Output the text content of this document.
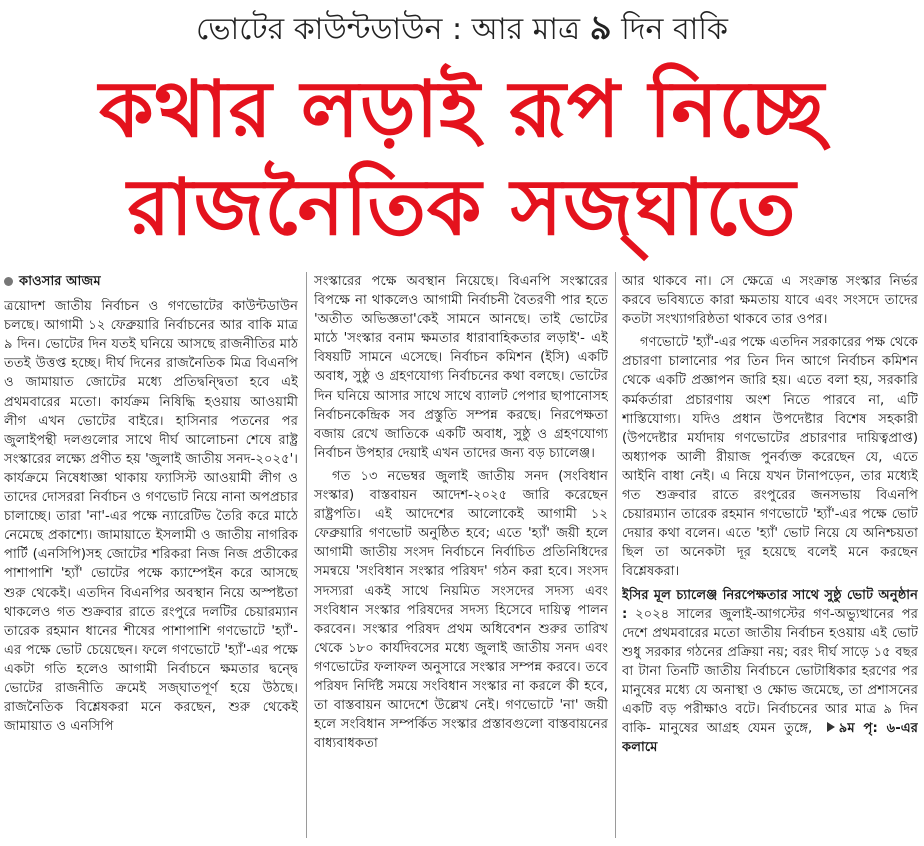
ভোটের কাউন্টডাউন : আর মাত্র ৯ দিন বাকি
কথার লড়াই রূপ নিচ্ছে
রাজনৈতিক সজ্ঘাতে
কাওসার আজম

ত্রয়োদশ জাতীয় নির্বাচন ও গণভোটের কাউন্টডাউন চলছে। আগামী ১২ ফেব্রুয়ারি নির্বাচনের আর বাকি মাত্র ৯ দিন। ভোটের দিন যতই ঘনিয়ে আসছে রাজনীতির মাঠ ততই উত্তপ্ত হচ্ছে। দীর্ঘ দিনের রাজনৈতিক মিত্র বিএনপি ও জামায়াত জোটের মধ্যে প্রতিদ্বন্দ্বিতা হবে এই প্রথমবারের মতো। কার্যক্রম নিষিদ্ধি হওয়ায় আওয়ামী লীগ এখন ভোটের বাইরে। হাসিনার পতনের পর জুলাইপন্থী দলগুলোর সাথে দীর্ঘ আলোচনা শেষে রাষ্ট্র সংস্কারের লক্ষ্যে প্রণীত হয় 'জুলাই জাতীয় সনদ-২০২৫'। কার্যক্রমে নিষেধাজ্ঞা থাকায় ফ্যাসিস্ট আওয়ামী লীগ ও তাদের দোসররা নির্বাচন ও গণভোট নিয়ে নানা অপপ্রচার চালাচ্ছে। তারা 'না'-এর পক্ষে ন্যারেটিভ তৈরি করে মাঠে নেমেছে প্রকাশ্যে। জামায়াতে ইসলামী ও জাতীয় নাগরিক পার্টি (এনসিপি)সহ জোটের শরিকরা নিজ নিজ প্রতীকের পাশাপাশি 'হ্যাঁ' ভোটের পক্ষে ক্যাম্পেইন করে আসছে শুরু থেকেই। এতদিন বিএনপির অবস্থান নিয়ে অস্পষ্টতা থাকলেও গত শুক্রবার রাতে রংপুরে দলটির চেয়ারম্যান তারেক রহমান ধানের শীষের পাশাপাশি গণভোটে 'হ্যাঁ'-এর পক্ষে ভোট চেয়েছেন। ফলে গণভোটে 'হ্যাঁ'-এর পক্ষে একটা গতি হলেও আগামী নির্বাচনে ক্ষমতার দ্বন্দ্বে ভোটের রাজনীতি ক্রমেই সজ্ঘাতপূর্ণ হয়ে উঠছে। রাজনৈতিক বিশ্লেষকরা মনে করছেন, শুরু থেকেই জামায়াত ও এনসিপি

সংস্কারের পক্ষে অবস্থান নিয়েছে। বিএনপি সংস্কারের বিপক্ষে না থাকলেও আগামী নির্বাচনী বৈতরণী পার হতে 'অতীত অভিজ্ঞতা'কেই সামনে আনছে। তাই ভোটের মাঠে 'সংস্কার বনাম ক্ষমতার ধারাবাহিকতার লড়াই'- এই বিষয়টি সামনে এসেছে। নির্বাচন কমিশন (ইসি) একটি অবাধ, সুষ্ঠু ও গ্রহণযোগ্য নির্বাচনের কথা বলছে। ভোটের দিন ঘনিয়ে আসার সাথে সাথে ব্যালট পেপার ছাপানোসহ নির্বাচনকেন্দ্রিক সব প্রস্তুতি সম্পন্ন করছে। নিরপেক্ষতা বজায় রেখে জাতিকে একটি অবাধ, সুষ্ঠু ও গ্রহণযোগ্য নির্বাচন উপহার দেয়াই এখন তাদের জন্য বড় চ্যালেঞ্জ।

গত ১৩ নভেম্বর জুলাই জাতীয় সনদ (সংবিধান সংস্কার) বাস্তবায়ন আদেশ-২০২৫ জারি করেছেন রাষ্ট্রপতি। এই আদেশের আলোকেই আগামী ১২ ফেব্রুয়ারি গণভোট অনুষ্ঠিত হবে; এতে 'হ্যাঁ' জয়ী হলে আগামী জাতীয় সংসদ নির্বাচনে নির্বাচিত প্রতিনিধিদের সমন্বয়ে 'সংবিধান সংস্কার পরিষদ' গঠন করা হবে। সংসদ সদস্যরা একই সাথে নিয়মিত সংসদের সদস্য এবং সংবিধান সংস্কার পরিষদের সদস্য হিসেবে দায়িত্ব পালন করবেন। সংস্কার পরিষদ প্রথম অধিবেশন শুরুর তারিখ থেকে ১৮০ কার্যদিবসের মধ্যে জুলাই জাতীয় সনদ এবং গণভোটের ফলাফল অনুসারে সংস্কার সম্পন্ন করবে। তবে পরিষদ নির্দিষ্ট সময়ে সংবিধান সংস্কার না করলে কী হবে, তা বাস্তবায়ন আদেশে উল্লেখ নেই। গণভোটে 'না' জয়ী হলে সংবিধান সম্পর্কিত সংস্কার প্রস্তাবগুলো বাস্তবায়নের বাধ্যবাধকতা

আর থাকবে না। সে ক্ষেত্রে এ সংক্রান্ত সংস্কার নির্ভর করবে ভবিষ্যতে কারা ক্ষমতায় যাবে এবং সংসদে তাদের কতটা সংখ্যাগরিষ্ঠতা থাকবে তার ওপর।

গণভোটে 'হ্যাঁ'-এর পক্ষে এতদিন সরকারের পক্ষ থেকে প্রচারণা চালানোর পর তিন দিন আগে নির্বাচন কমিশন থেকে একটি প্রজ্ঞাপন জারি হয়। এতে বলা হয়, সরকারি কর্মকর্তারা প্রচারণায় অংশ নিতে পারবে না, এটি শাস্তিযোগ্য। যদিও প্রধান উপদেষ্টার বিশেষ সহকারী (উপদেষ্টার মর্যাদায় গণভোটের প্রচারণার দায়িত্বপ্রাপ্ত) অধ্যাপক আলী রীয়াজ পুনর্ব্যক্ত করেছেন যে, এতে আইনি বাধা নেই। এ নিয়ে যখন টানাপড়েন, তার মধ্যেই গত শুক্রবার রাতে রংপুরের জনসভায় বিএনপি চেয়ারম্যান তারেক রহমান গণভোটে 'হ্যাঁ'-এর পক্ষে ভোট দেয়ার কথা বলেন। এতে 'হ্যাঁ' ভোট নিয়ে যে অনিশ্চয়তা ছিল তা অনেকটা দূর হয়েছে বলেই মনে করছেন বিশ্লেষকরা।

ইসির মূল চ্যালেঞ্জ নিরপেক্ষতার সাথে সুষ্ঠু ভোট অনুষ্ঠান : ২০২৪ সালের জুলাই-আগস্টের গণ-অভ্যুত্থানের পর দেশে প্রথমবারের মতো জাতীয় নির্বাচন হওয়ায় এই ভোট শুধু সরকার গঠনের প্রক্রিয়া নয়; বরং দীর্ঘ সাড়ে ১৫ বছর বা টানা তিনটি জাতীয় নির্বাচনে ভোটাধিকার হরণের পর মানুষের মধ্যে যে অনাস্থা ও ক্ষোভ জমেছে, তা প্রশাসনের একটি বড় পরীক্ষাও বটে। নির্বাচনের আর মাত্র ৯ দিন বাকি- মানুষের আগ্রহ যেমন তুঙ্গে, ৯ম পৃ: ৬-এর কলামে
